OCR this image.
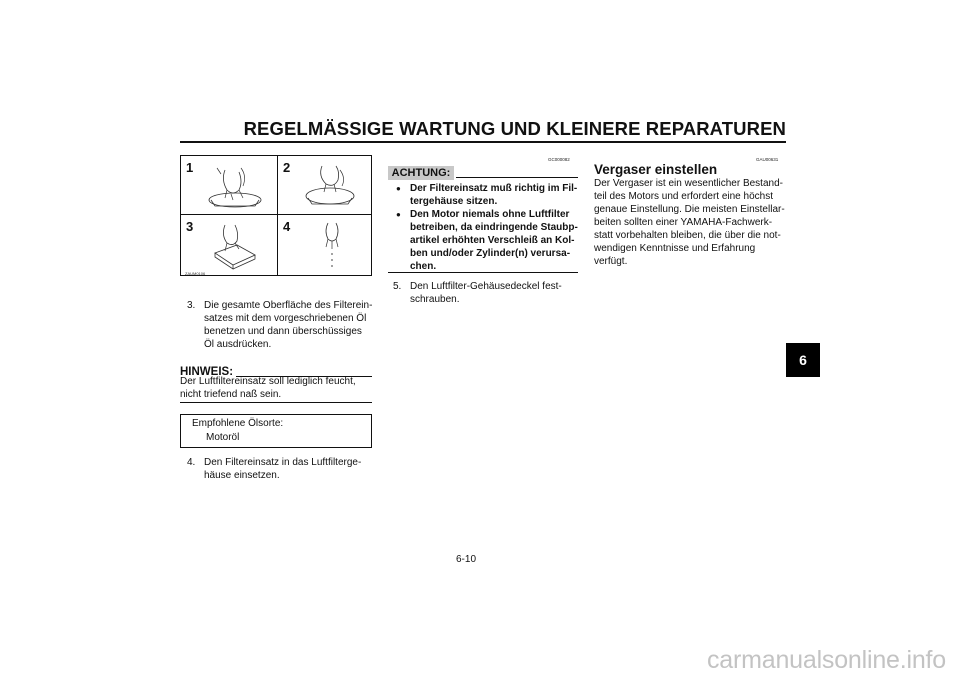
REGELMÄSSIGE WARTUNG UND KLEINERE REPARATUREN
6
1	2
3	4
ZAUM0106
3. Die gesamte Oberfläche des Filterein-
satzes mit dem vorgeschriebenen Öl
benetzen und dann überschüssiges
Öl ausdrücken.
HINWEIS:
Der Luftfiltereinsatz soll lediglich feucht,
nicht triefend naß sein.
Empfohlene Ölsorte:
Motoröl
4. Den Filtereinsatz in das Luftfilterge-
häuse einsetzen.
GC000082
ACHTUNG:
● Der Filtereinsatz muß richtig im Fil-
tergehäuse sitzen.
● Den Motor niemals ohne Luftfilter
betreiben, da eindringende Staubp-
artikel erhöhten Verschleiß an Kol-
ben und/oder Zylinder(n) verursa-
chen.
5. Den Luftfilter-Gehäusedeckel fest-
schrauben.
GAU00631
Vergaser einstellen
Der Vergaser ist ein wesentlicher Bestand-
teil des Motors und erfordert eine höchst
genaue Einstellung. Die meisten Einstellar-
beiten sollten einer YAMAHA-Fachwerk-
statt vorbehalten bleiben, die über die not-
wendigen Kenntnisse und Erfahrung
verfügt.
6-10
carmanualsonline.info
